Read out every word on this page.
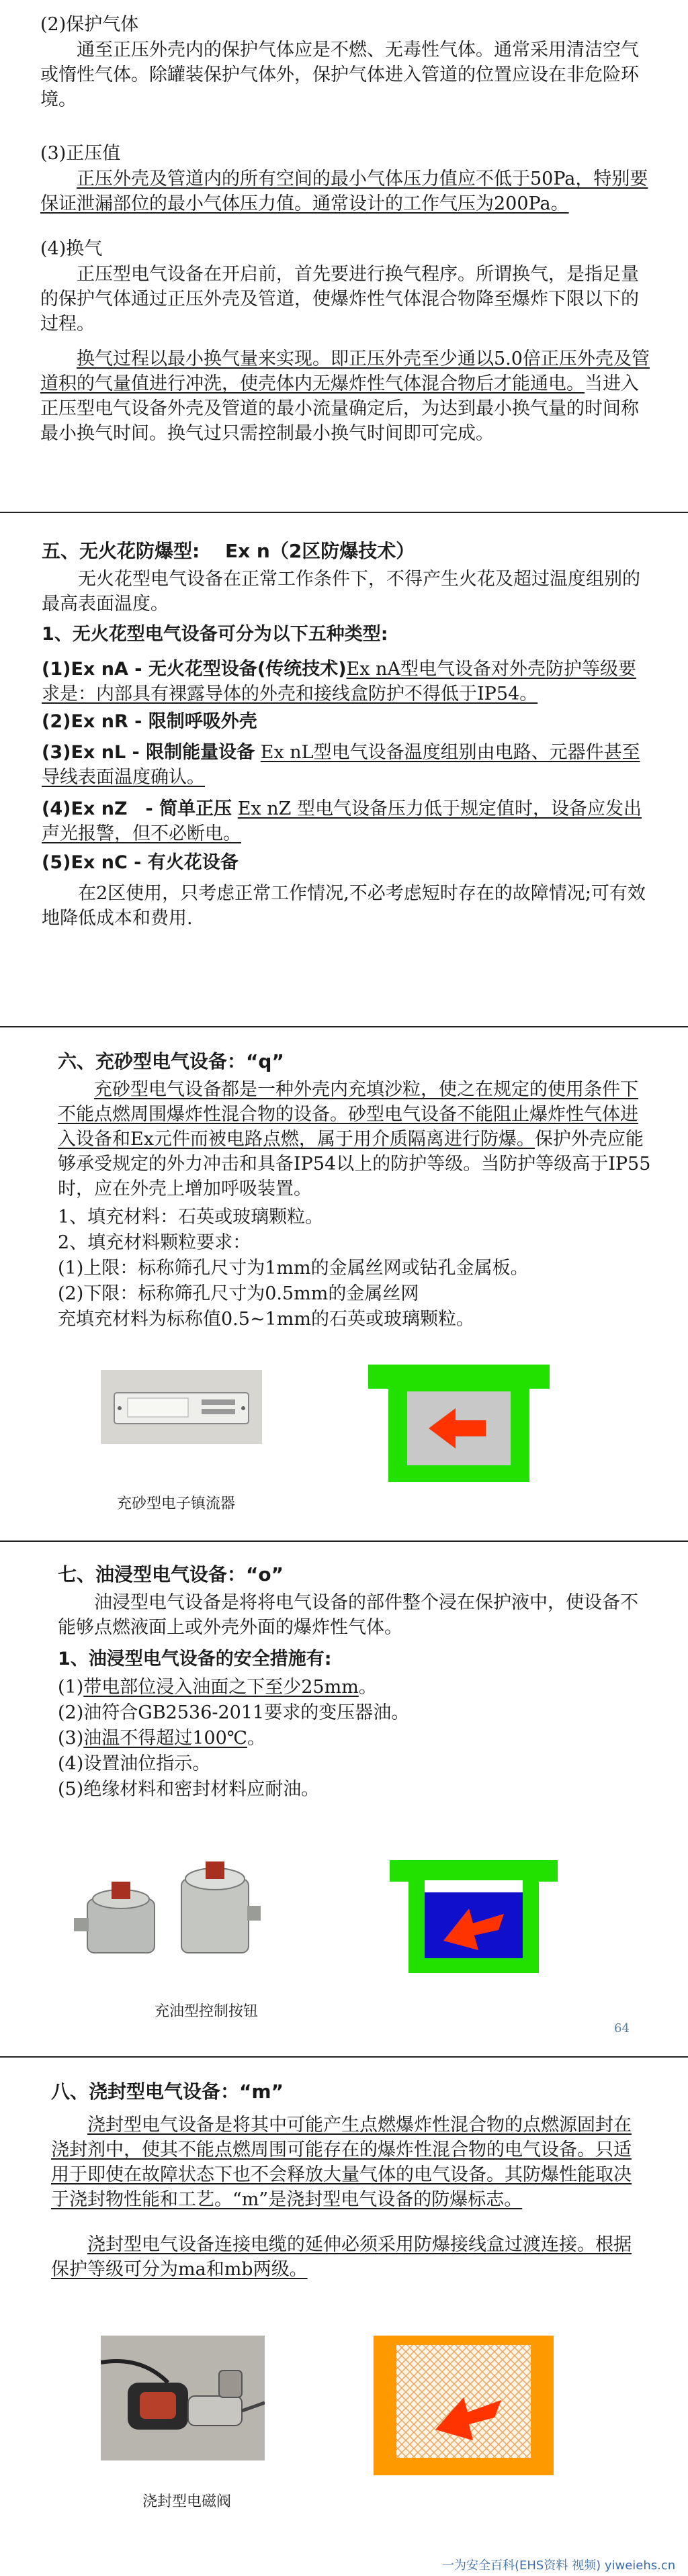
(2)保护气体
通至正压外壳内的保护气体应是不燃、无毒性气体。通常采用清洁空气或惰性气体。除罐装保护气体外，保护气体进入管道的位置应设在非危险环境。
(3)正压值
正压外壳及管道内的所有空间的最小气体压力值应不低于50Pa，特别要保证泄漏部位的最小气体压力值。通常设计的工作气压为200Pa。
(4)换气
正压型电气设备在开启前，首先要进行换气程序。所谓换气，是指足量的保护气体通过正压外壳及管道，使爆炸性气体混合物降至爆炸下限以下的过程。
换气过程以最小换气量来实现。即正压外壳至少通以5.0倍正压外壳及管道积的气量值进行冲洗，使壳体内无爆炸性气体混合物后才能通电。当进入正压型电气设备外壳及管道的最小流量确定后，为达到最小换气量的时间称最小换气时间。换气过只需控制最小换气时间即可完成。
五、无火花防爆型:　 Ex n（2区防爆技术）
无火花型电气设备在正常工作条件下，不得产生火花及超过温度组别的最高表面温度。
1、无火花型电气设备可分为以下五种类型:
(1)Ex nA - 无火花型设备(传统技术)Ex nA型电气设备对外壳防护等级要求是：内部具有裸露导体的外壳和接线盒防护不得低于IP54。
(2)Ex nR - 限制呼吸外壳
(3)Ex nL - 限制能量设备 Ex nL型电气设备温度组别由电路、元器件甚至导线表面温度确认。
(4)Ex nZ　- 简单正压 Ex nZ 型电气设备压力低于规定值时，设备应发出声光报警，但不必断电。
(5)Ex nC - 有火花设备
在2区使用，只考虑正常工作情况,不必考虑短时存在的故障情况;可有效地降低成本和费用.
六、充砂型电气设备：“q”
充砂型电气设备都是一种外壳内充填沙粒，使之在规定的使用条件下不能点燃周围爆炸性混合物的设备。砂型电气设备不能阻止爆炸性气体进入设备和Ex元件而被电路点燃，属于用介质隔离进行防爆。保护外壳应能够承受规定的外力冲击和具备IP54以上的防护等级。当防护等级高于IP55时，应在外壳上增加呼吸装置。
1、填充材料：石英或玻璃颗粒。
2、填充材料颗粒要求：
(1)上限：标称筛孔尺寸为1mm的金属丝网或钻孔金属板。
(2)下限：标称筛孔尺寸为0.5mm的金属丝网
充填充材料为标称值0.5~1mm的石英或玻璃颗粒。
充砂型电子镇流器
七、油浸型电气设备：“o”
油浸型电气设备是将将电气设备的部件整个浸在保护液中，使设备不能够点燃液面上或外壳外面的爆炸性气体。
1、油浸型电气设备的安全措施有:
(1)带电部位浸入油面之下至少25mm。
(2)油符合GB2536-2011要求的变压器油。
(3)油温不得超过100℃。
(4)设置油位指示。
(5)绝缘材料和密封材料应耐油。
充油型控制按钮
64
八、浇封型电气设备：“m”
浇封型电气设备是将其中可能产生点燃爆炸性混合物的点燃源固封在浇封剂中，使其不能点燃周围可能存在的爆炸性混合物的电气设备。只适用于即使在故障状态下也不会释放大量气体的电气设备。其防爆性能取决于浇封物性能和工艺。“m”是浇封型电气设备的防爆标志。
浇封型电气设备连接电缆的延伸必须采用防爆接线盒过渡连接。根据保护等级可分为ma和mb两级。
浇封型电磁阀
一为安全百科(EHS资料 视频) yiweiehs.cn
